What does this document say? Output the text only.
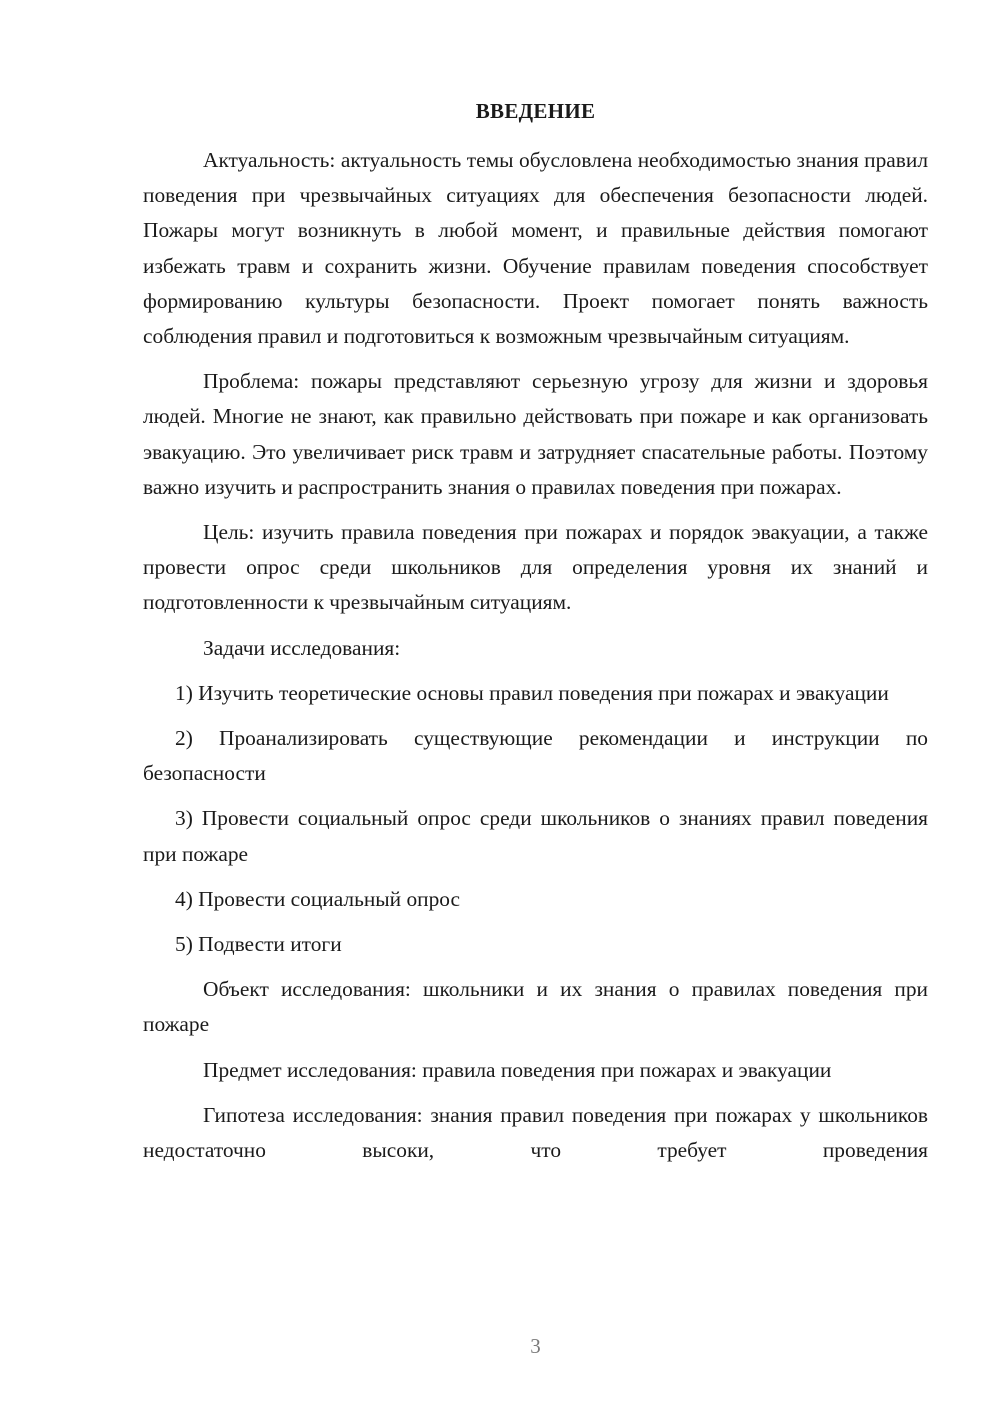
ВВЕДЕНИЕ

Актуальность: актуальность темы обусловлена необходимостью знания правил поведения при чрезвычайных ситуациях для обеспечения безопасности людей. Пожары могут возникнуть в любой момент, и правильные действия помогают избежать травм и сохранить жизни. Обучение правилам поведения способствует формированию культуры безопасности. Проект помогает понять важность соблюдения правил и подготовиться к возможным чрезвычайным ситуациям.

Проблема: пожары представляют серьезную угрозу для жизни и здоровья людей. Многие не знают, как правильно действовать при пожаре и как организовать эвакуацию. Это увеличивает риск травм и затрудняет спасательные работы. Поэтому важно изучить и распространить знания о правилах поведения при пожарах.

Цель: изучить правила поведения при пожарах и порядок эвакуации, а также провести опрос среди школьников для определения уровня их знаний и подготовленности к чрезвычайным ситуациям.

Задачи исследования:

1) Изучить теоретические основы правил поведения при пожарах и эвакуации

2) Проанализировать существующие рекомендации и инструкции по безопасности

3) Провести социальный опрос среди школьников о знаниях правил поведения при пожаре

4) Провести социальный опрос

5) Подвести итоги

Объект исследования: школьники и их знания о правилах поведения при пожаре

Предмет исследования: правила поведения при пожарах и эвакуации

Гипотеза исследования: знания правил поведения при пожарах у школьников недостаточно высоки, что требует проведения

3
